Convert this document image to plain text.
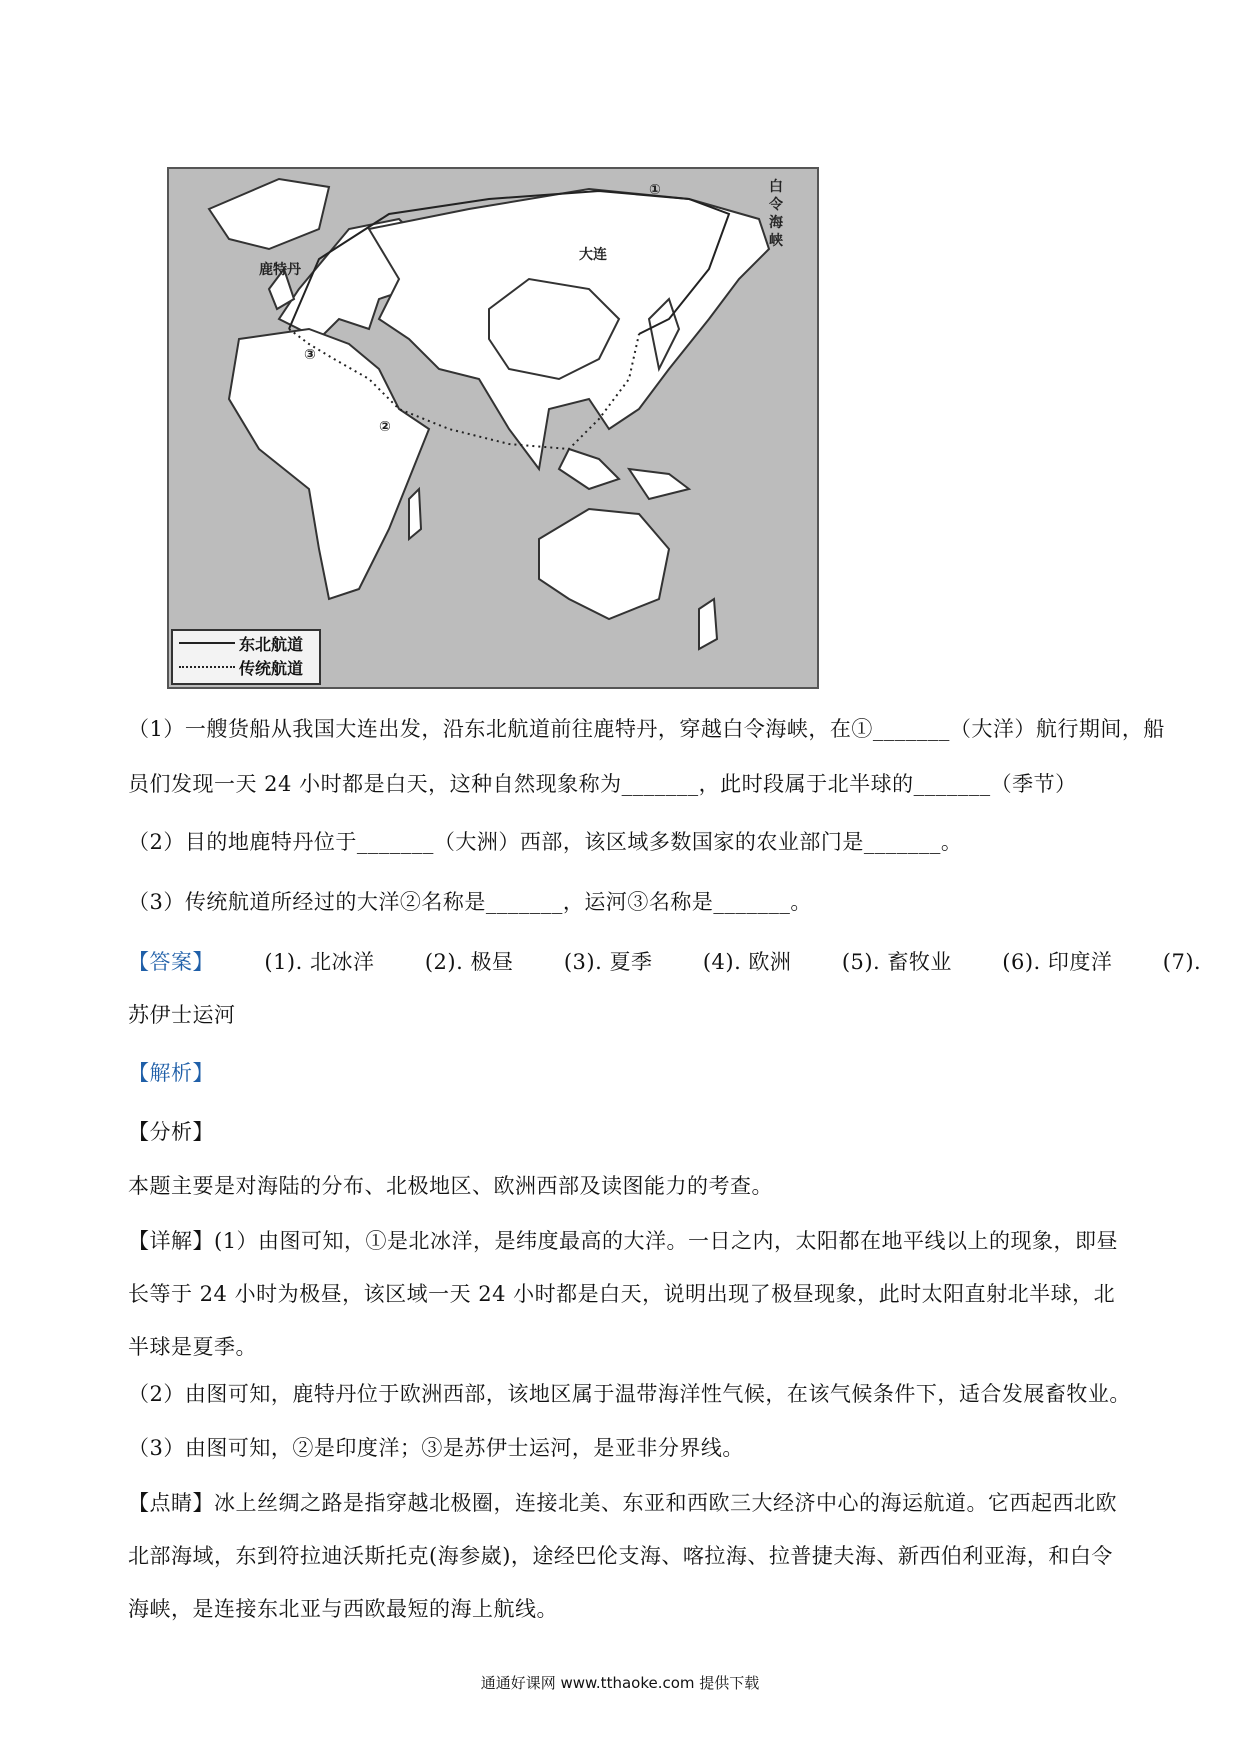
①
②
③
鹿特丹
大连
白
令
海
峡
东北航道
传统航道
（1）一艘货船从我国大连出发，沿东北航道前往鹿特丹，穿越白令海峡，在①_______（大洋）航行期间，船
员们发现一天 24 小时都是白天，这种自然现象称为_______，此时段属于北半球的_______（季节）
（2）目的地鹿特丹位于_______（大洲）西部，该区域多数国家的农业部门是_______。
（3）传统航道所经过的大洋②名称是_______，运河③名称是_______。
【答案】 (1). 北冰洋 (2). 极昼 (3). 夏季 (4). 欧洲 (5). 畜牧业 (6). 印度洋 (7).
苏伊士运河
【解析】
【分析】
本题主要是对海陆的分布、北极地区、欧洲西部及读图能力的考查。
【详解】(1）由图可知，①是北冰洋，是纬度最高的大洋。一日之内，太阳都在地平线以上的现象，即昼长等于 24 小时为极昼，该区域一天 24 小时都是白天，说明出现了极昼现象，此时太阳直射北半球，北半球是夏季。
（2）由图可知，鹿特丹位于欧洲西部，该地区属于温带海洋性气候，在该气候条件下，适合发展畜牧业。
（3）由图可知，②是印度洋；③是苏伊士运河，是亚非分界线。
【点睛】冰上丝绸之路是指穿越北极圈，连接北美、东亚和西欧三大经济中心的海运航道。它西起西北欧北部海域，东到符拉迪沃斯托克(海参崴)，途经巴伦支海、喀拉海、拉普捷夫海、新西伯利亚海，和白令海峡，是连接东北亚与西欧最短的海上航线。
通通好课网 www.tthaoke.com 提供下载
